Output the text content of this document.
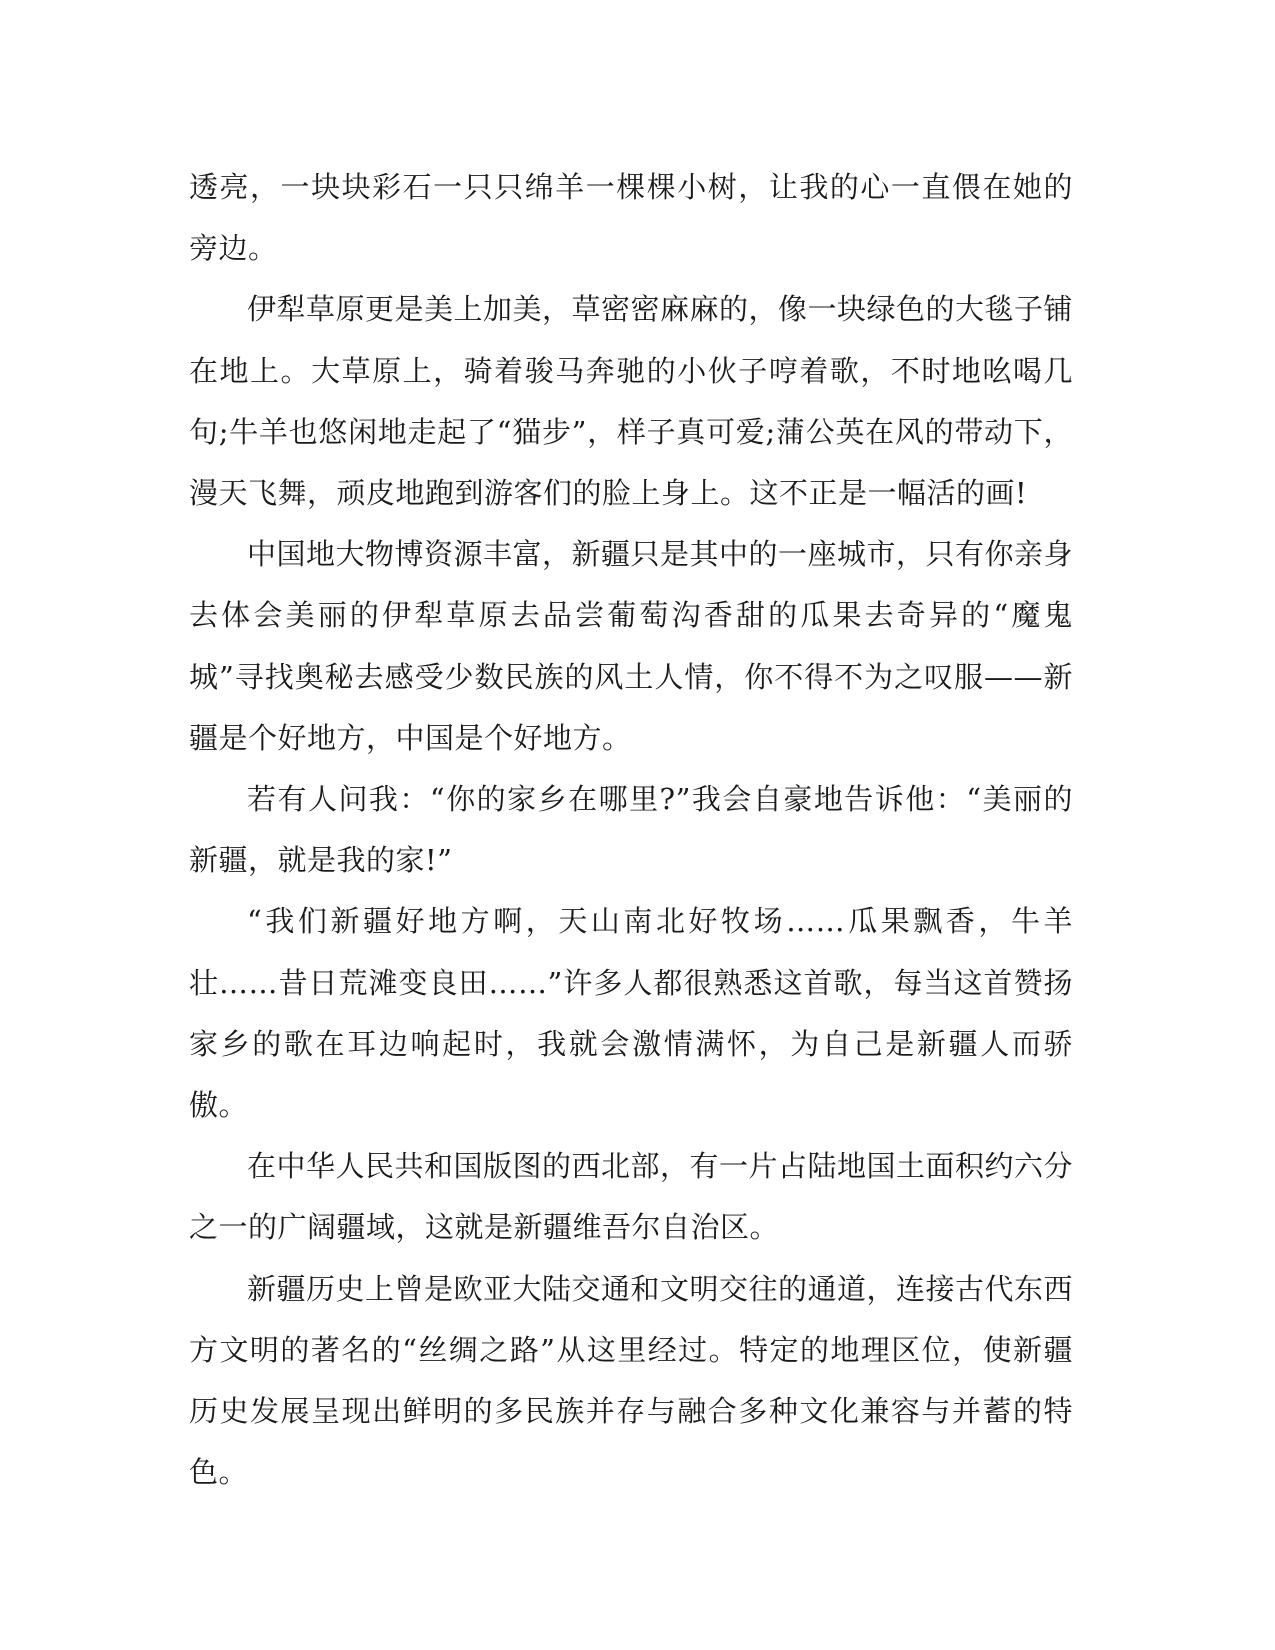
透亮，一块块彩石一只只绵羊一棵棵小树，让我的心一直偎在她的旁边。

伊犁草原更是美上加美，草密密麻麻的，像一块绿色的大毯子铺在地上。大草原上，骑着骏马奔驰的小伙子哼着歌，不时地吆喝几句;牛羊也悠闲地走起了“猫步”，样子真可爱;蒲公英在风的带动下，漫天飞舞，顽皮地跑到游客们的脸上身上。这不正是一幅活的画!

中国地大物博资源丰富，新疆只是其中的一座城市，只有你亲身去体会美丽的伊犁草原去品尝葡萄沟香甜的瓜果去奇异的“魔鬼城”寻找奥秘去感受少数民族的风土人情，你不得不为之叹服——新疆是个好地方，中国是个好地方。

若有人问我：“你的家乡在哪里?”我会自豪地告诉他：“美丽的新疆，就是我的家!”

“我们新疆好地方啊，天山南北好牧场……瓜果飘香，牛羊壮……昔日荒滩变良田……”许多人都很熟悉这首歌，每当这首赞扬家乡的歌在耳边响起时，我就会激情满怀，为自己是新疆人而骄傲。

在中华人民共和国版图的西北部，有一片占陆地国土面积约六分之一的广阔疆域，这就是新疆维吾尔自治区。

新疆历史上曾是欧亚大陆交通和文明交往的通道，连接古代东西方文明的著名的“丝绸之路”从这里经过。特定的地理区位，使新疆历史发展呈现出鲜明的多民族并存与融合多种文化兼容与并蓄的特色。
